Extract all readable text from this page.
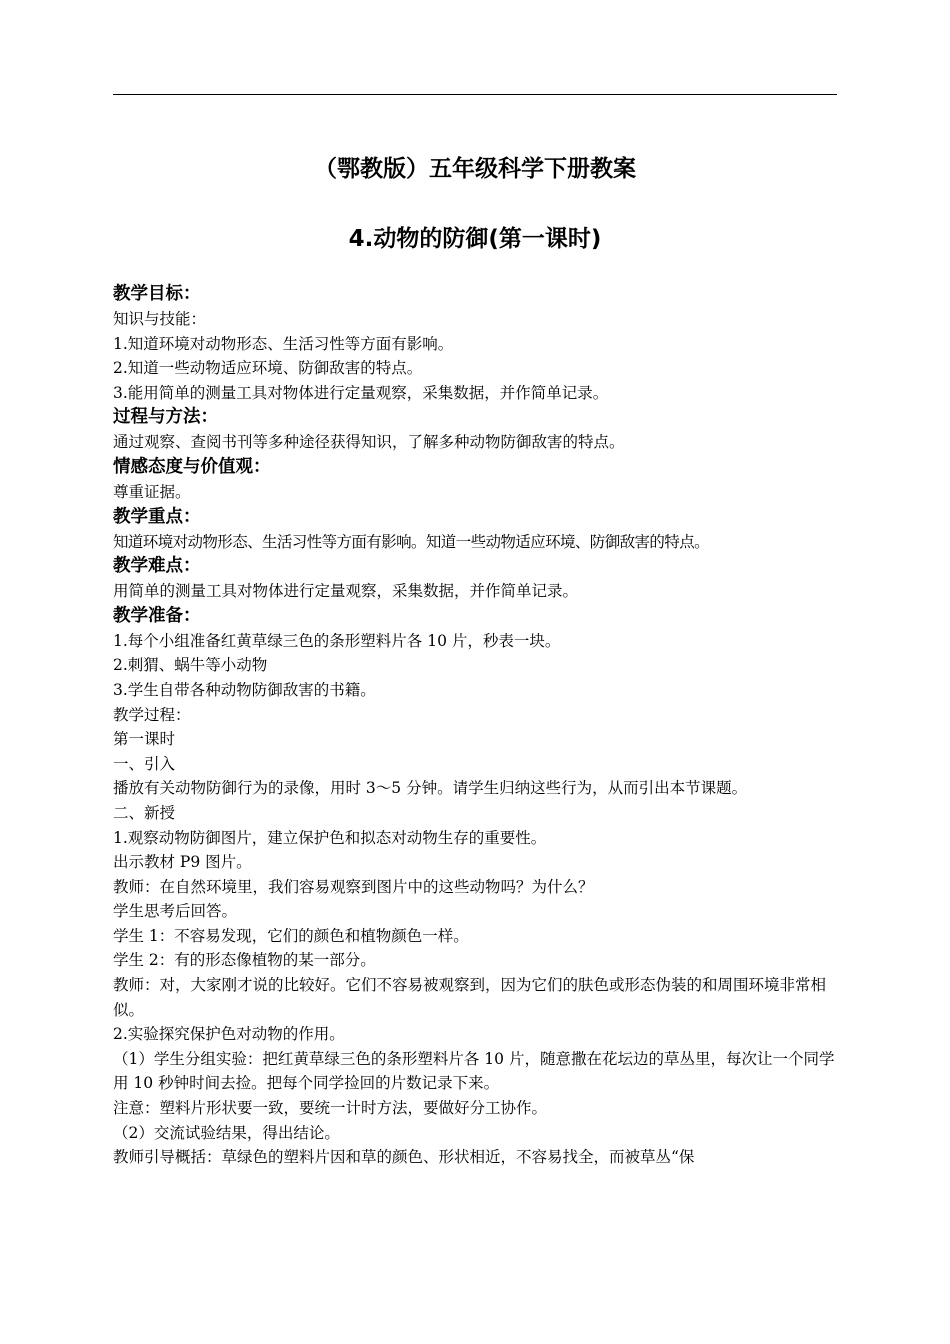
（鄂教版）五年级科学下册教案
4.动物的防御(第一课时)
教学目标：
知识与技能：
1.知道环境对动物形态、生活习性等方面有影响。
2.知道一些动物适应环境、防御敌害的特点。
3.能用简单的测量工具对物体进行定量观察，采集数据，并作简单记录。
过程与方法：
通过观察、查阅书刊等多种途径获得知识，了解多种动物防御敌害的特点。
情感态度与价值观：
尊重证据。
教学重点：
知道环境对动物形态、生活习性等方面有影响。知道一些动物适应环境、防御敌害的特点。
教学难点：
用简单的测量工具对物体进行定量观察，采集数据，并作简单记录。
教学准备：
1.每个小组准备红黄草绿三色的条形塑料片各 10 片，秒表一块。
2.刺猬、蜗牛等小动物
3.学生自带各种动物防御敌害的书籍。
教学过程：
第一课时
一、引入
播放有关动物防御行为的录像，用时 3～5 分钟。请学生归纳这些行为，从而引出本节课题。
二、新授
1.观察动物防御图片，建立保护色和拟态对动物生存的重要性。
出示教材 P9 图片。
教师：在自然环境里，我们容易观察到图片中的这些动物吗？为什么？
学生思考后回答。
学生 1：不容易发现，它们的颜色和植物颜色一样。
学生 2：有的形态像植物的某一部分。
教师：对，大家刚才说的比较好。它们不容易被观察到，因为它们的肤色或形态伪装的和周围环境非常相似。
2.实验探究保护色对动物的作用。
（1）学生分组实验：把红黄草绿三色的条形塑料片各 10 片，随意撒在花坛边的草丛里，每次让一个同学用 10 秒钟时间去捡。把每个同学捡回的片数记录下来。
注意：塑料片形状要一致，要统一计时方法，要做好分工协作。
（2）交流试验结果，得出结论。
教师引导概括：草绿色的塑料片因和草的颜色、形状相近，不容易找全，而被草丛“保
